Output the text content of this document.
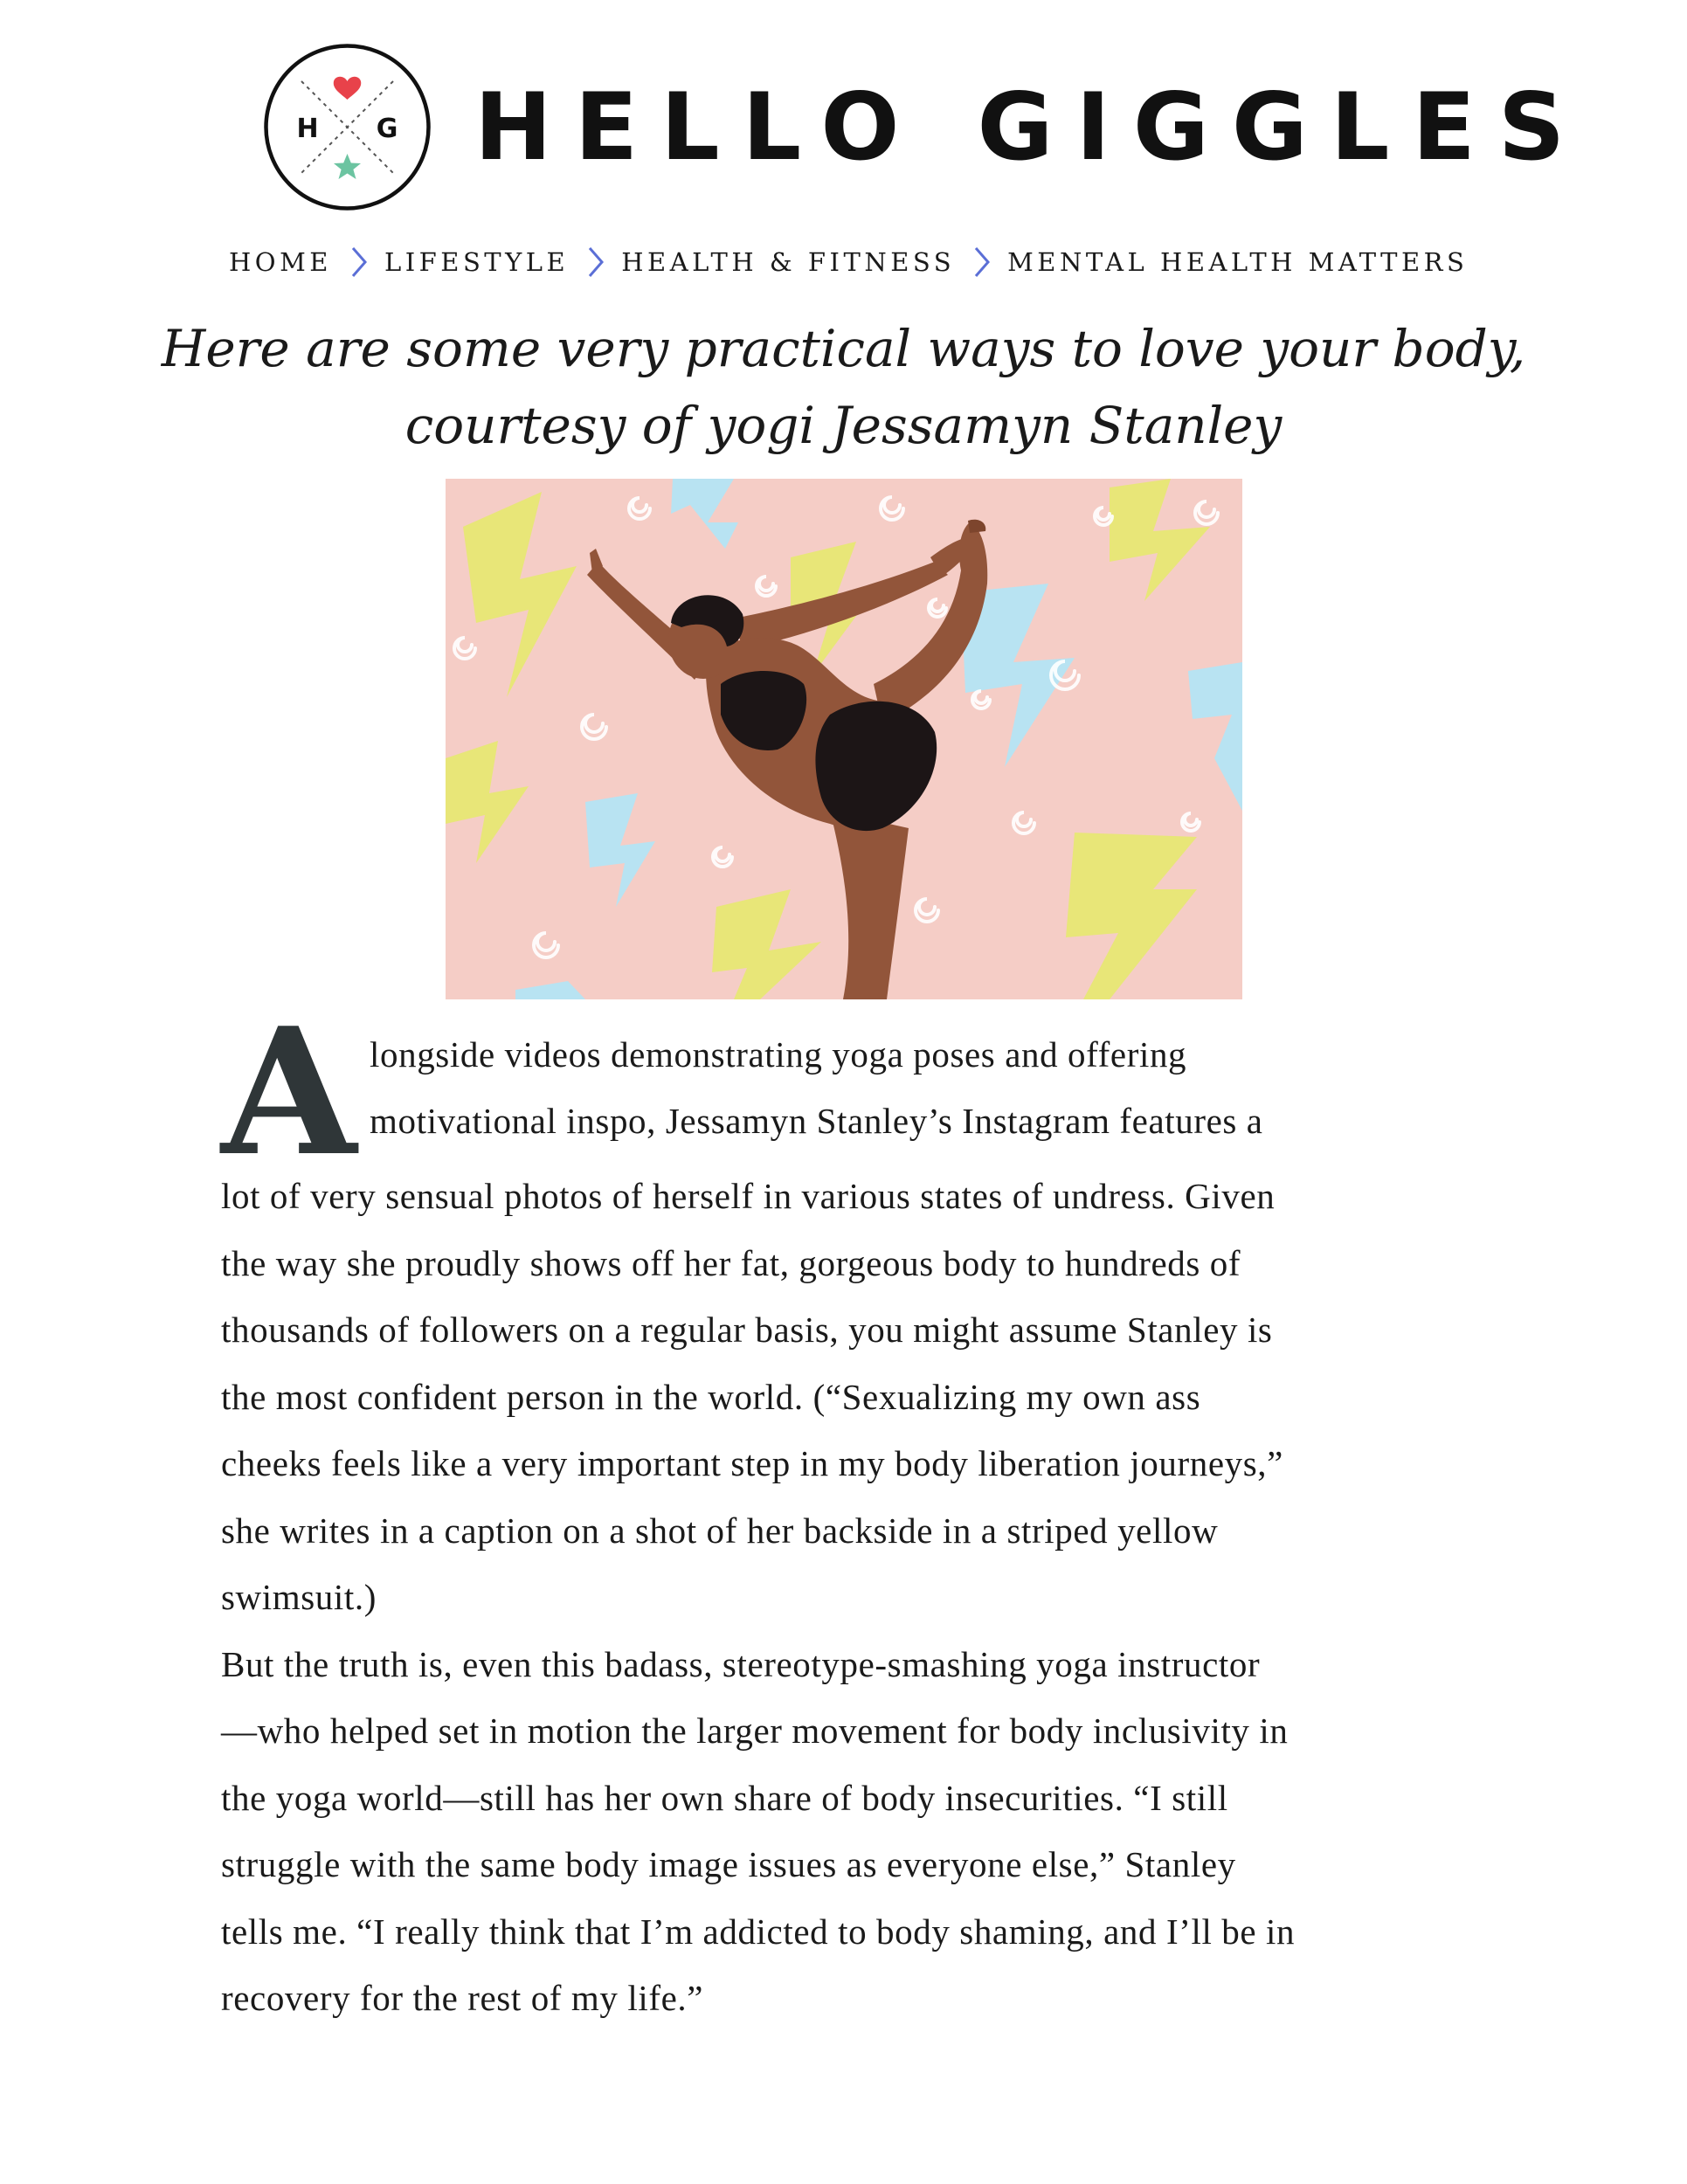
H G HELLO GIGGLES
HOME LIFESTYLE HEALTH & FITNESS MENTAL HEALTH MATTERS
Here are some very practical ways to love your body,
courtesy of yogi Jessamyn Stanley
A longside videos demonstrating yoga poses and offering
motivational inspo, Jessamyn Stanley’s Instagram features a

lot of very sensual photos of herself in various states of undress. Given
the way she proudly shows off her fat, gorgeous body to hundreds of
thousands of followers on a regular basis, you might assume Stanley is
the most confident person in the world. (“Sexualizing my own ass
cheeks feels like a very important step in my body liberation journeys,”
she writes in a caption on a shot of her backside in a striped yellow
swimsuit.)

But the truth is, even this badass, stereotype-smashing yoga instructor
—who helped set in motion the larger movement for body inclusivity in
the yoga world—still has her own share of body insecurities. “I still
struggle with the same body image issues as everyone else,” Stanley
tells me. “I really think that I’m addicted to body shaming, and I’ll be in
recovery for the rest of my life.”
